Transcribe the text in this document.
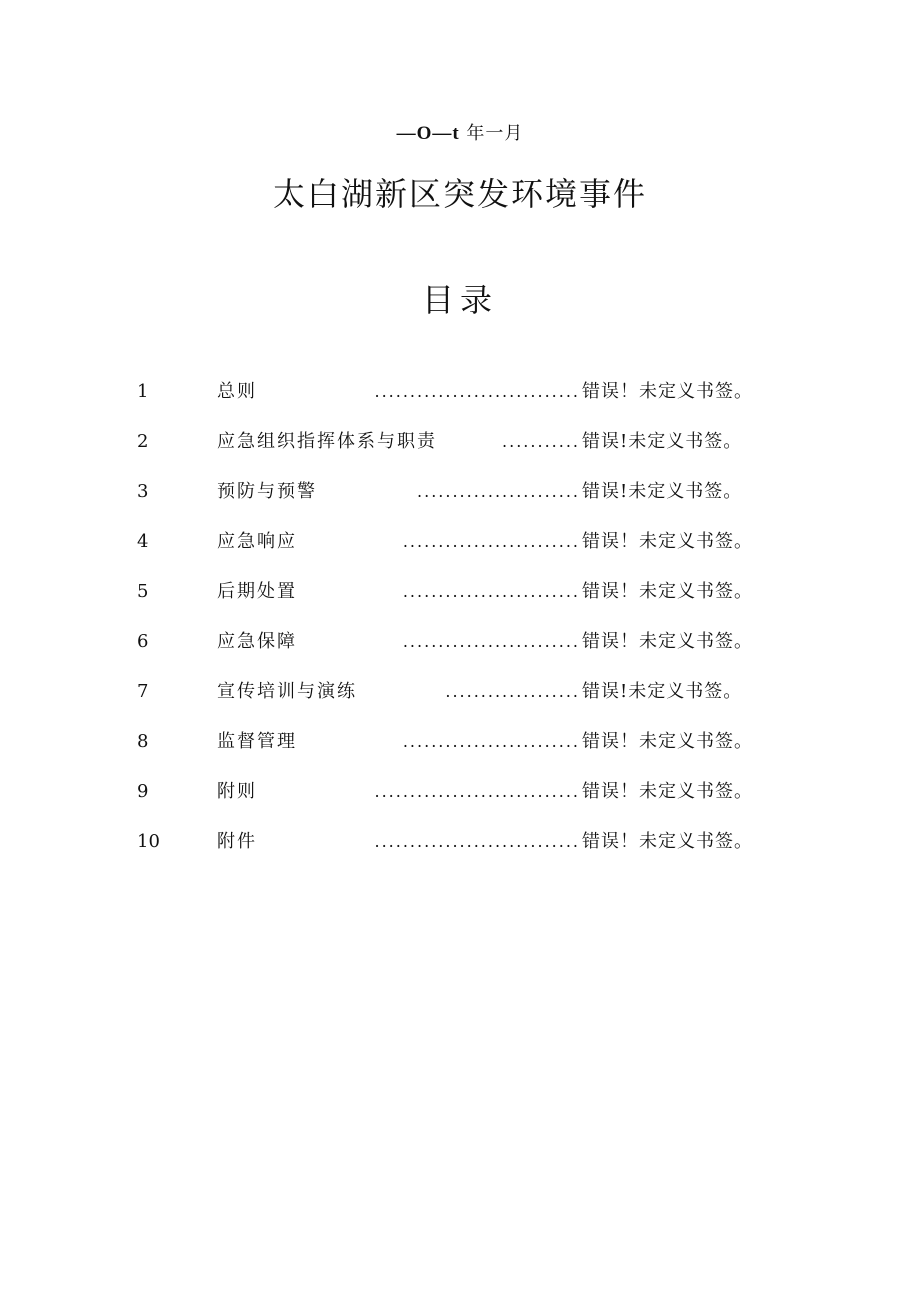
—O—t 年一月
太白湖新区突发环境事件
目录
1	总则	............................. 错误！未定义书签。
2	应急组织指挥体系与职责	........... 错误!未定义书签。
3	预防与预警	....................... 错误!未定义书签。
4	应急响应	......................... 错误！未定义书签。
5	后期处置	......................... 错误！未定义书签。
6	应急保障	......................... 错误！未定义书签。
7	宣传培训与演练	................... 错误!未定义书签。
8	监督管理	......................... 错误！未定义书签。
9	附则	............................. 错误！未定义书签。
10	附件	............................. 错误！未定义书签。
